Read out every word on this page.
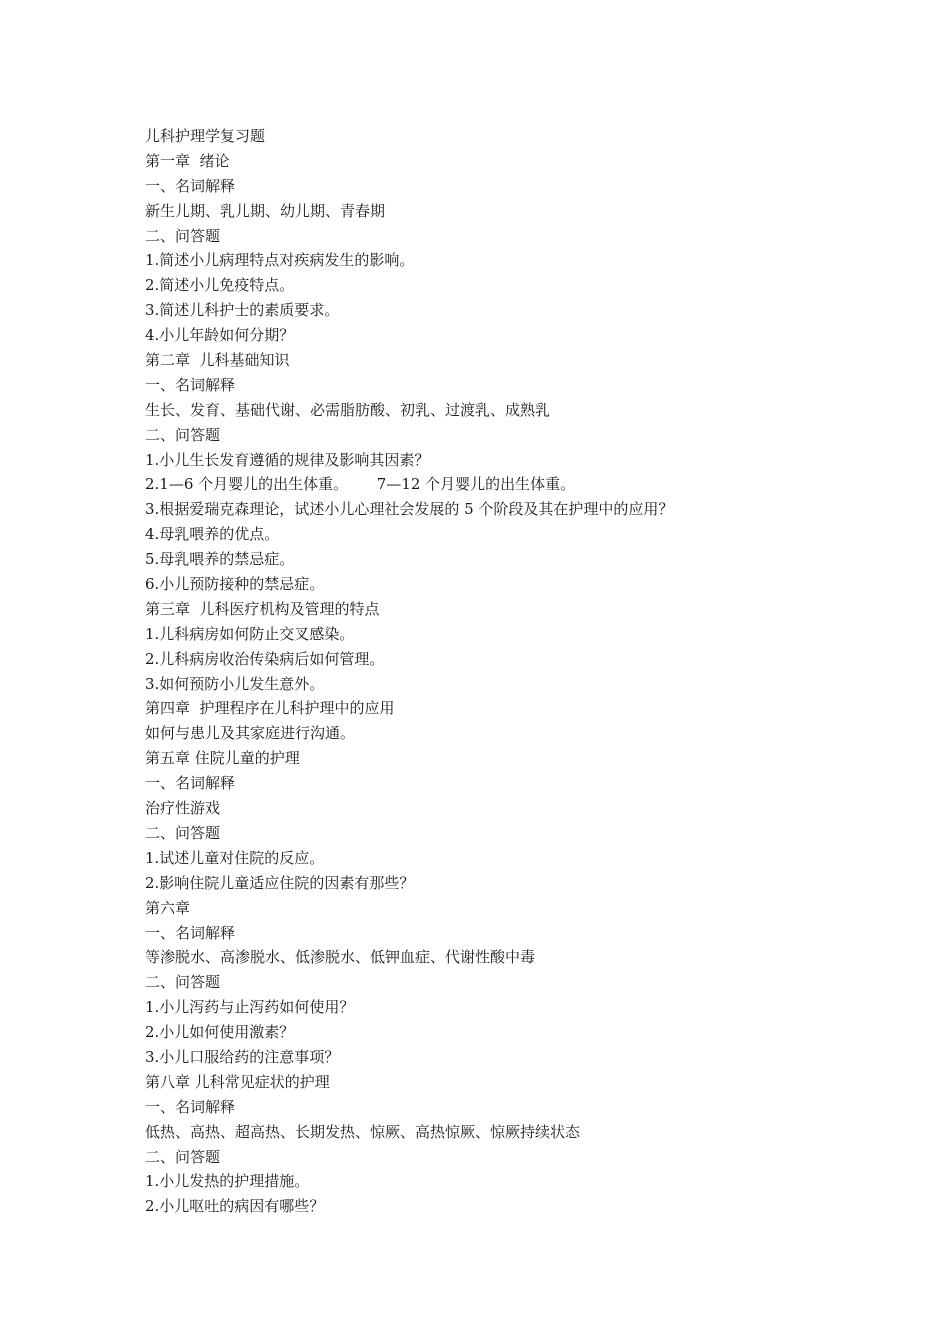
儿科护理学复习题
第一章  绪论
一、名词解释
新生儿期、乳儿期、幼儿期、青春期
二、问答题
1.简述小儿病理特点对疾病发生的影响。
2.简述小儿免疫特点。
3.简述儿科护士的素质要求。
4.小儿年龄如何分期？
第二章  儿科基础知识
一、名词解释
生长、发育、基础代谢、必需脂肪酸、初乳、过渡乳、成熟乳
二、问答题
1.小儿生长发育遵循的规律及影响其因素？
2.1—6 个月婴儿的出生体重。      7—12 个月婴儿的出生体重。
3.根据爱瑞克森理论，试述小儿心理社会发展的 5 个阶段及其在护理中的应用？
4.母乳喂养的优点。
5.母乳喂养的禁忌症。
6.小儿预防接种的禁忌症。
第三章  儿科医疗机构及管理的特点
1.儿科病房如何防止交叉感染。
2.儿科病房收治传染病后如何管理。
3.如何预防小儿发生意外。
第四章  护理程序在儿科护理中的应用
如何与患儿及其家庭进行沟通。
第五章 住院儿童的护理
一、名词解释
治疗性游戏
二、问答题
1.试述儿童对住院的反应。
2.影响住院儿童适应住院的因素有那些？
第六章
一、名词解释
等渗脱水、高渗脱水、低渗脱水、低钾血症、代谢性酸中毒
二、问答题
1.小儿泻药与止泻药如何使用？
2.小儿如何使用激素？
3.小儿口服给药的注意事项？
第八章 儿科常见症状的护理
一、名词解释
低热、高热、超高热、长期发热、惊厥、高热惊厥、惊厥持续状态
二、问答题
1.小儿发热的护理措施。
2.小儿呕吐的病因有哪些？
